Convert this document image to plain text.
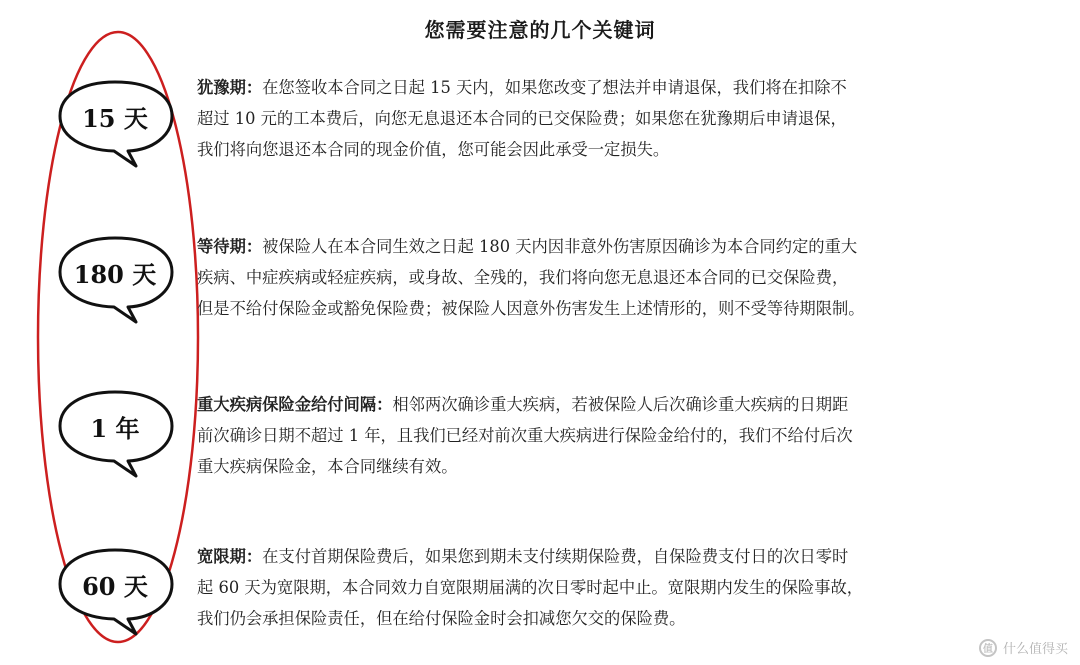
您需要注意的几个关键词
15 天
180 天
1 年
60 天
犹豫期：在您签收本合同之日起 15 天内，如果您改变了想法并申请退保，我们将在扣除不
超过 10 元的工本费后，向您无息退还本合同的已交保险费；如果您在犹豫期后申请退保，
我们将向您退还本合同的现金价值，您可能会因此承受一定损失。
等待期：被保险人在本合同生效之日起 180 天内因非意外伤害原因确诊为本合同约定的重大
疾病、中症疾病或轻症疾病，或身故、全残的，我们将向您无息退还本合同的已交保险费，
但是不给付保险金或豁免保险费；被保险人因意外伤害发生上述情形的，则不受等待期限制。
重大疾病保险金给付间隔：相邻两次确诊重大疾病，若被保险人后次确诊重大疾病的日期距
前次确诊日期不超过 1 年，且我们已经对前次重大疾病进行保险金给付的，我们不给付后次
重大疾病保险金，本合同继续有效。
宽限期：在支付首期保险费后，如果您到期未支付续期保险费，自保险费支付日的次日零时
起 60 天为宽限期，本合同效力自宽限期届满的次日零时起中止。宽限期内发生的保险事故，
我们仍会承担保险责任，但在给付保险金时会扣减您欠交的保险费。
值 什么值得买
